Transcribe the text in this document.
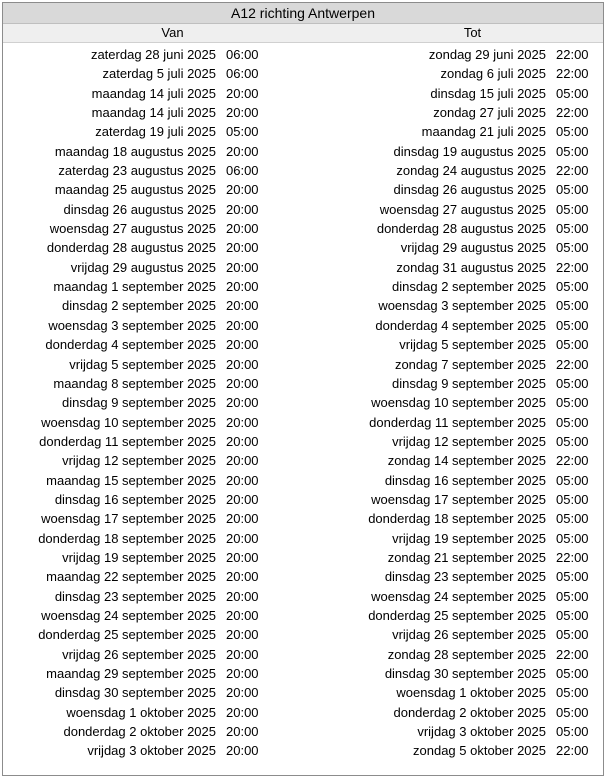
A12 richting Antwerpen
Van	Tot
zaterdag 28 juni 2025 06:00	zondag 29 juni 2025 22:00
zaterdag 5 juli 2025 06:00	zondag 6 juli 2025 22:00
maandag 14 juli 2025 20:00	dinsdag 15 juli 2025 05:00
maandag 14 juli 2025 20:00	zondag 27 juli 2025 22:00
zaterdag 19 juli 2025 05:00	maandag 21 juli 2025 05:00
maandag 18 augustus 2025 20:00	dinsdag 19 augustus 2025 05:00
zaterdag 23 augustus 2025 06:00	zondag 24 augustus 2025 22:00
maandag 25 augustus 2025 20:00	dinsdag 26 augustus 2025 05:00
dinsdag 26 augustus 2025 20:00	woensdag 27 augustus 2025 05:00
woensdag 27 augustus 2025 20:00	donderdag 28 augustus 2025 05:00
donderdag 28 augustus 2025 20:00	vrijdag 29 augustus 2025 05:00
vrijdag 29 augustus 2025 20:00	zondag 31 augustus 2025 22:00
maandag 1 september 2025 20:00	dinsdag 2 september 2025 05:00
dinsdag 2 september 2025 20:00	woensdag 3 september 2025 05:00
woensdag 3 september 2025 20:00	donderdag 4 september 2025 05:00
donderdag 4 september 2025 20:00	vrijdag 5 september 2025 05:00
vrijdag 5 september 2025 20:00	zondag 7 september 2025 22:00
maandag 8 september 2025 20:00	dinsdag 9 september 2025 05:00
dinsdag 9 september 2025 20:00	woensdag 10 september 2025 05:00
woensdag 10 september 2025 20:00	donderdag 11 september 2025 05:00
donderdag 11 september 2025 20:00	vrijdag 12 september 2025 05:00
vrijdag 12 september 2025 20:00	zondag 14 september 2025 22:00
maandag 15 september 2025 20:00	dinsdag 16 september 2025 05:00
dinsdag 16 september 2025 20:00	woensdag 17 september 2025 05:00
woensdag 17 september 2025 20:00	donderdag 18 september 2025 05:00
donderdag 18 september 2025 20:00	vrijdag 19 september 2025 05:00
vrijdag 19 september 2025 20:00	zondag 21 september 2025 22:00
maandag 22 september 2025 20:00	dinsdag 23 september 2025 05:00
dinsdag 23 september 2025 20:00	woensdag 24 september 2025 05:00
woensdag 24 september 2025 20:00	donderdag 25 september 2025 05:00
donderdag 25 september 2025 20:00	vrijdag 26 september 2025 05:00
vrijdag 26 september 2025 20:00	zondag 28 september 2025 22:00
maandag 29 september 2025 20:00	dinsdag 30 september 2025 05:00
dinsdag 30 september 2025 20:00	woensdag 1 oktober 2025 05:00
woensdag 1 oktober 2025 20:00	donderdag 2 oktober 2025 05:00
donderdag 2 oktober 2025 20:00	vrijdag 3 oktober 2025 05:00
vrijdag 3 oktober 2025 20:00	zondag 5 oktober 2025 22:00
